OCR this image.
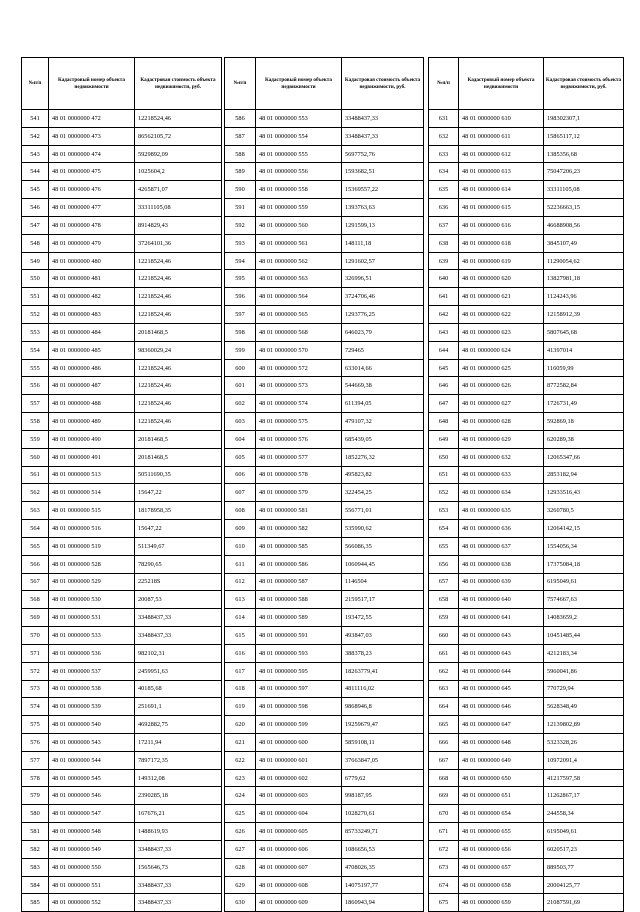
№п/п	Кадастровый номер объекта недвижимости	Кадастровая стоимость объекта недвижимости, руб.
541	48 01 0000000 472	12218524,46
542	48 01 0000000 473	86562105,72
543	48 01 0000000 474	5929892,09
544	48 01 0000000 475	1025604,2
545	48 01 0000000 476	4265871,07
546	48 01 0000000 477	33311105,08
547	48 01 0000000 478	8914829,43
548	48 01 0000000 479	37264101,36
549	48 01 0000000 480	12218524,46
550	48 01 0000000 481	12218524,46
551	48 01 0000000 482	12218524,46
552	48 01 0000000 483	12218524,46
553	48 01 0000000 484	20181468,5
554	48 01 0000000 485	98360029,24
555	48 01 0000000 486	12218524,46
556	48 01 0000000 487	12218524,46
557	48 01 0000000 488	12218524,46
558	48 01 0000000 489	12218524,46
559	48 01 0000000 490	20181468,5
560	48 01 0000000 491	20181468,5
561	48 01 0000000 513	50511690,35
562	48 01 0000000 514	15647,22
563	48 01 0000000 515	18178958,35
564	48 01 0000000 516	15647,22
565	48 01 0000000 519	511349,67
566	48 01 0000000 528	78290,65
567	48 01 0000000 529	225218S
568	48 01 0000000 530	20087,53
569	48 01 0000000 531	33488437,33
570	48 01 0000000 533	33488437,33
571	48 01 0000000 536	982102,31
572	48 01 0000000 537	2459951,63
573	48 01 0000000 538	40185,68
574	48 01 0000000 539	251691,1
575	48 01 0000000 540	4692882,75
576	48 01 0000000 543	17211,94
577	48 01 0000000 544	7897172,35
578	48 01 0000000 545	149312,08
579	48 01 0000000 546	2390285,18
580	48 01 0000000 547	167676,21
581	48 01 0000000 548	1488619,93
582	48 01 0000000 549	33488437,33
583	48 01 0000000 550	1565646,73
584	48 01 0000000 551	33488437,33
585	48 01 0000000 552	33488437,33
№п/п	Кадастровый номер объекта недвижимости	Кадастровая стоимость объекта недвижимости, руб.
586	48 01 0000000 553	33488437,33
587	48 01 0000000 554	33488437,33
588	48 01 0000000 555	5697752,76
589	48 01 0000000 556	1593682,51
590	48 01 0000000 558	15369557,22
591	48 01 0000000 559	1393763,63
592	48 01 0000000 560	1291599,13
593	48 01 0000000 561	148111,18
594	48 01 0000000 562	1291602,57
595	48 01 0000000 563	326996,51
596	48 01 0000000 564	3724706,46
597	48 01 0000000 565	1293776,25
598	48 01 0000000 568	646023,79
599	48 01 0000000 570	729465
600	48 01 0000000 572	633014,66
601	48 01 0000000 573	544669,38
602	48 01 0000000 574	611394,05
603	48 01 0000000 575	479107,32
604	48 01 0000000 576	685439,05
605	48 01 0000000 577	1852276,32
606	48 01 0000000 578	495823,82
607	48 01 0000000 579	322454,25
608	48 01 0000000 581	556771,01
609	48 01 0000000 582	535990,62
610	48 01 0000000 585	566086,35
611	48 01 0000000 586	1060944,45
612	48 01 0000000 587	1146504
613	48 01 0000000 588	2159517,17
614	48 01 0000000 589	193472,55
615	48 01 0000000 591	493847,03
616	48 01 0000000 593	388378,23
617	48 01 0000000 595	18263779,41
618	48 01 0000000 597	4811116,02
619	48 01 0000000 598	9868946,8
620	48 01 0000000 599	19259679,47
621	48 01 0000000 600	5859108,11
622	48 01 0000000 601	37663847,05
623	48 01 0000000 602	6779,62
624	48 01 0000000 603	998187,95
625	48 01 0000000 604	1028270,61
626	48 01 0000000 605	85733249,71
627	48 01 0000000 606	1086656,53
628	48 01 0000000 607	4708026,35
629	48 01 0000000 608	14075197,77
630	48 01 0000000 609	1860943,94
№п/п	Кадастровый номер объекта недвижимости	Кадастровая стоимость объекта недвижимости, руб.
631	48 01 0000000 610	198302307,1
632	48 01 0000000 611	15865117,12
633	48 01 0000000 612	1385356,68
634	48 01 0000000 613	75047206,23
635	48 01 0000000 614	33311105,08
636	48 01 0000000 615	52236663,15
637	48 01 0000000 616	46688908,56
638	48 01 0000000 618	3845107,49
639	48 01 0000000 619	11290054,62
640	48 01 0000000 620	13827981,18
641	48 01 0000000 621	1124243,96
642	48 01 0000000 622	12158912,39
643	48 01 0000000 623	5807645,68
644	48 01 0000000 624	41397014
645	48 01 0000000 625	116059,99
646	48 01 0000000 626	8772582,84
647	48 01 0000000 627	1726731,49
648	48 01 0000000 628	592869,18
649	48 01 0000000 629	620289,38
650	48 01 0000000 632	12065347,66
651	48 01 0000000 633	2853182,94
652	48 01 0000000 634	12933516,43
653	48 01 0000000 635	3260780,5
654	48 01 0000000 636	12064142,15
655	48 01 0000000 637	1554056,34
656	48 01 0000000 638	17375084,18
657	48 01 0000000 639	6195049,61
658	48 01 0000000 640	7574667,63
659	48 01 0000000 641	14083659,2
660	48 01 0000000 643	10451485,44
661	48 01 0000000 643	4212183,34
662	48 01 0000000 644	5960041,86
663	48 01 0000000 645	770729,94
664	48 01 0000000 646	5628348,49
665	48 01 0000000 647	12139802,89
666	48 01 0000000 648	5323328,26
667	48 01 0000000 649	10972091,4
668	48 01 0000000 650	41217597,58
669	48 01 0000000 651	11262867,17
670	48 01 0000000 654	244558,34
671	48 01 0000000 655	6195049,61
672	48 01 0000000 656	6020517,23
673	48 01 0000000 657	889503,77
674	48 01 0000000 658	20004125,77
675	48 01 0000000 659	21087591,69
